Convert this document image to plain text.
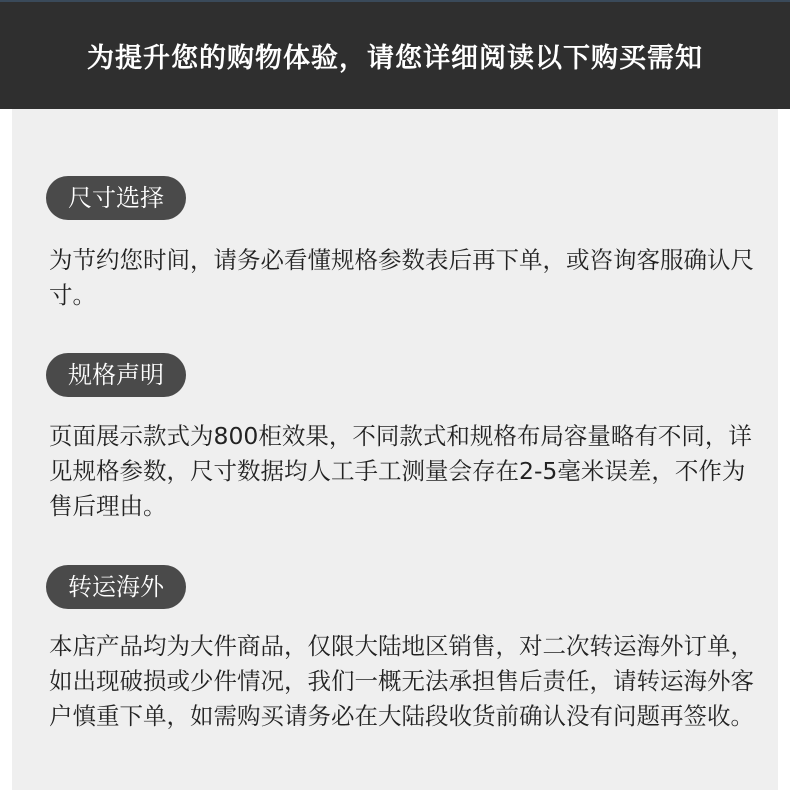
为提升您的购物体验，请您详细阅读以下购买需知
尺寸选择
为节约您时间，请务必看懂规格参数表后再下单，或咨询客服确认尺寸。
规格声明
页面展示款式为800柜效果，不同款式和规格布局容量略有不同，详见规格参数，尺寸数据均人工手工测量会存在2-5毫米误差，不作为售后理由。
转运海外
本店产品均为大件商品，仅限大陆地区销售，对二次转运海外订单，如出现破损或少件情况，我们一概无法承担售后责任，请转运海外客户慎重下单，如需购买请务必在大陆段收货前确认没有问题再签收。
